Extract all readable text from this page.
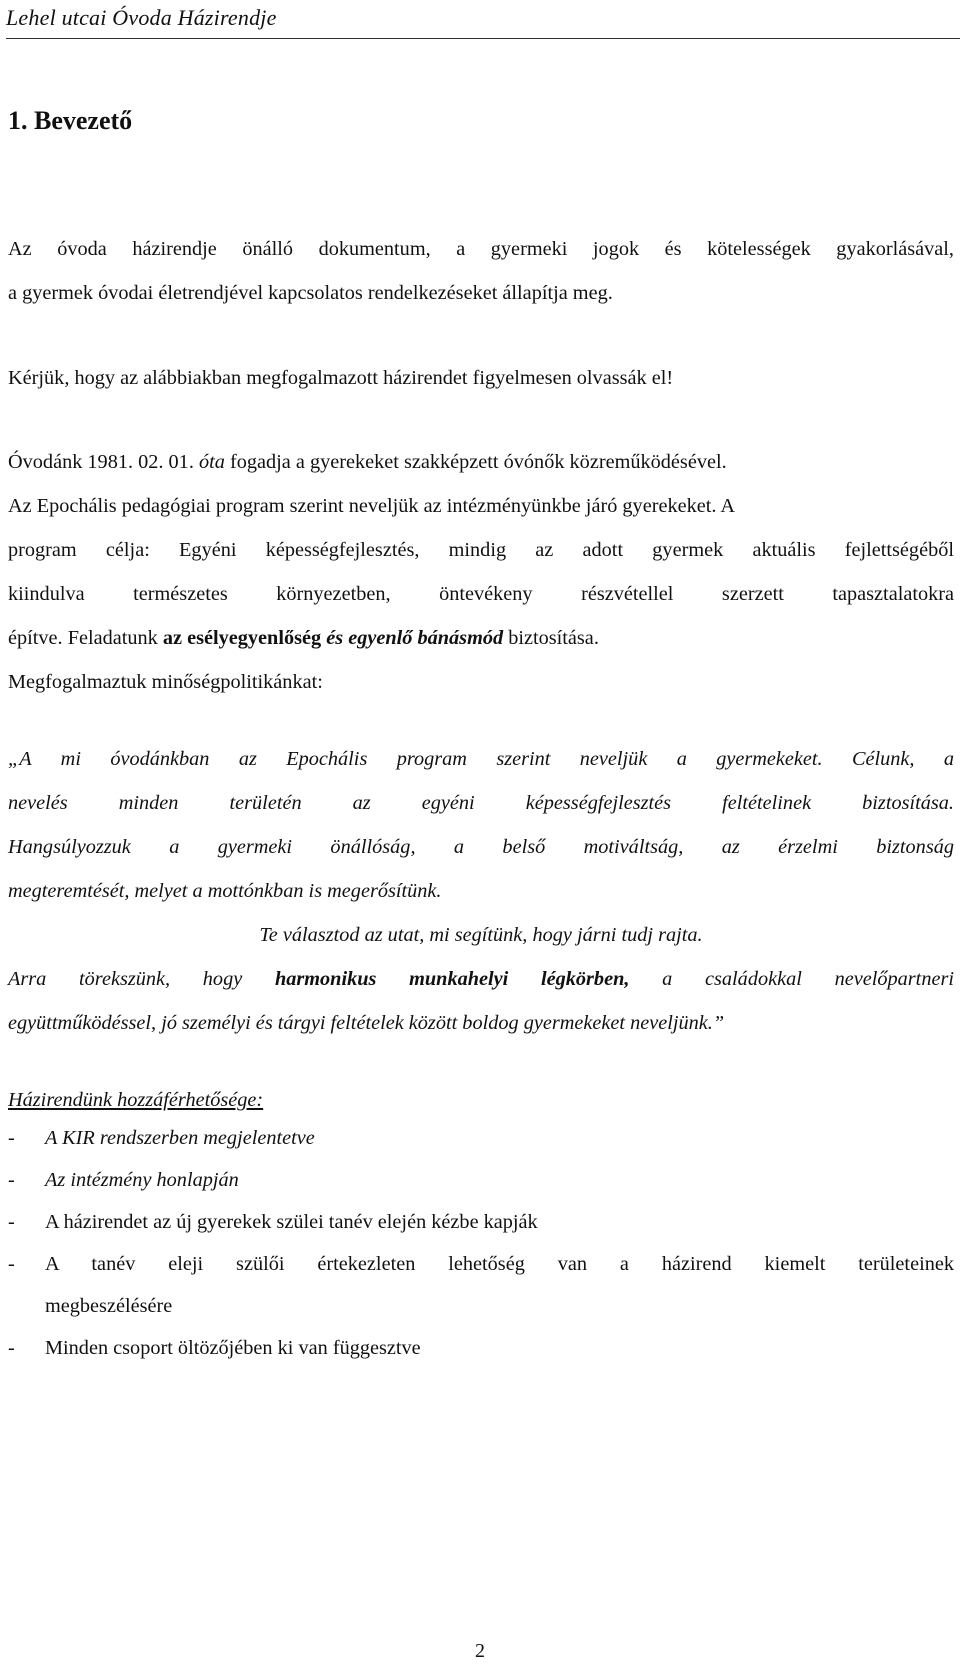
Lehel utcai Óvoda Házirendje
1. Bevezető
Az óvoda házirendje önálló dokumentum, a gyermeki jogok és kötelességek gyakorlásával,
a gyermek óvodai életrendjével kapcsolatos rendelkezéseket állapítja meg.
Kérjük, hogy az alábbiakban megfogalmazott házirendet figyelmesen olvassák el!
Óvodánk 1981. 02. 01. óta fogadja a gyerekeket szakképzett óvónők közreműködésével.
Az Epochális pedagógiai program szerint neveljük az intézményünkbe járó gyerekeket. A
program célja: Egyéni képességfejlesztés, mindig az adott gyermek aktuális fejlettségéből
kiindulva természetes környezetben, öntevékeny részvétellel szerzett tapasztalatokra
építve. Feladatunk az esélyegyenlőség és egyenlő bánásmód biztosítása.
Megfogalmaztuk minőségpolitikánkat:
„A mi óvodánkban az Epochális program szerint neveljük a gyermekeket. Célunk, a
nevelés minden területén az egyéni képességfejlesztés feltételinek biztosítása.
Hangsúlyozzuk a gyermeki önállóság, a belső motiváltság, az érzelmi biztonság
megteremtését, melyet a mottónkban is megerősítünk.
Te választod az utat, mi segítünk, hogy járni tudj rajta.
Arra törekszünk, hogy harmonikus munkahelyi légkörben, a családokkal nevelőpartneri
együttműködéssel, jó személyi és tárgyi feltételek között boldog gyermekeket neveljünk.”
Házirendünk hozzáférhetősége:
- A KIR rendszerben megjelentetve
- Az intézmény honlapján
- A házirendet az új gyerekek szülei tanév elején kézbe kapják
- A tanév eleji szülői értekezleten lehetőség van a házirend kiemelt területeinek
megbeszélésére
- Minden csoport öltözőjében ki van függesztve
2
